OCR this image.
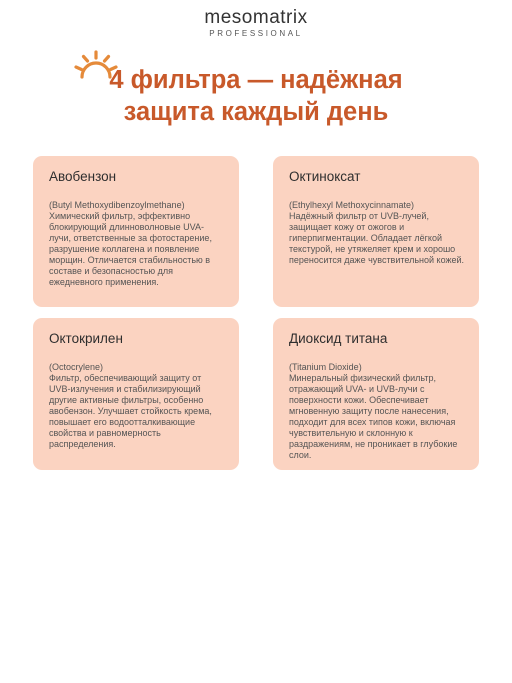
mesomatrix
PROFESSIONAL
4 фильтра — надёжная
защита каждый день
Авобензон
(Butyl Methoxydibenzoylmethane)
Химический фильтр, эффективно блокирующий длинноволновые UVA-лучи, ответственные за фотостарение, разрушение коллагена и появление морщин. Отличается стабильностью в составе и безопасностью для ежедневного применения.
Октиноксат
(Ethylhexyl Methoxycinnamate)
Надёжный фильтр от UVB-лучей, защищает кожу от ожогов и гиперпигментации. Обладает лёгкой текстурой, не утяжеляет крем и хорошо переносится даже чувствительной кожей.
Октокрилен
(Octocrylene)
Фильтр, обеспечивающий защиту от UVB-излучения и стабилизирующий другие активные фильтры, особенно авобензон. Улучшает стойкость крема, повышает его водоотталкивающие свойства и равномерность распределения.
Диоксид титана
(Titanium Dioxide)
Минеральный физический фильтр, отражающий UVA- и UVB-лучи с поверхности кожи. Обеспечивает мгновенную защиту после нанесения, подходит для всех типов кожи, включая чувствительную и склонную к раздражениям, не проникает в глубокие слои.
